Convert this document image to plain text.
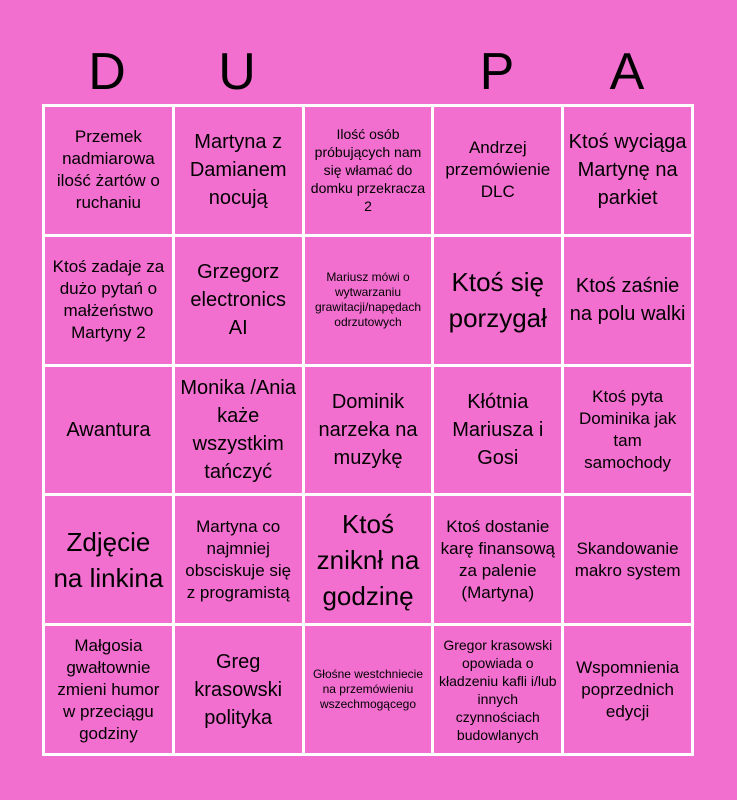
D	U	P	A
Przemek nadmiarowa ilość żartów o ruchaniu
Martyna z Damianem nocują
Ilość osób próbujących nam się włamać do domku przekracza 2
Andrzej przemówienie DLC
Ktoś wyciąga Martynę na parkiet
Ktoś zadaje za dużo pytań o małżeństwo Martyny 2
Grzegorz electronics AI
Mariusz mówi o wytwarzaniu grawitacji/napędach odrzutowych
Ktoś się porzygał
Ktoś zaśnie na polu walki
Awantura
Monika /Ania każe wszystkim tańczyć
Dominik narzeka na muzykę
Kłótnia Mariusza i Gosi
Ktoś pyta Dominika jak tam samochody
Zdjęcie na linkina
Martyna co najmniej obsciskuje się z programistą
Ktoś zniknł na godzinę
Ktoś dostanie karę finansową za palenie (Martyna)
Skandowanie makro system
Małgosia gwałtownie zmieni humor w przeciągu godziny
Greg krasowski polityka
Głośne westchniecie na przemówieniu wszechmogącego
Gregor krasowski opowiada o kładzeniu kafli i/lub innych czynnościach budowlanych
Wspomnienia poprzednich edycji
